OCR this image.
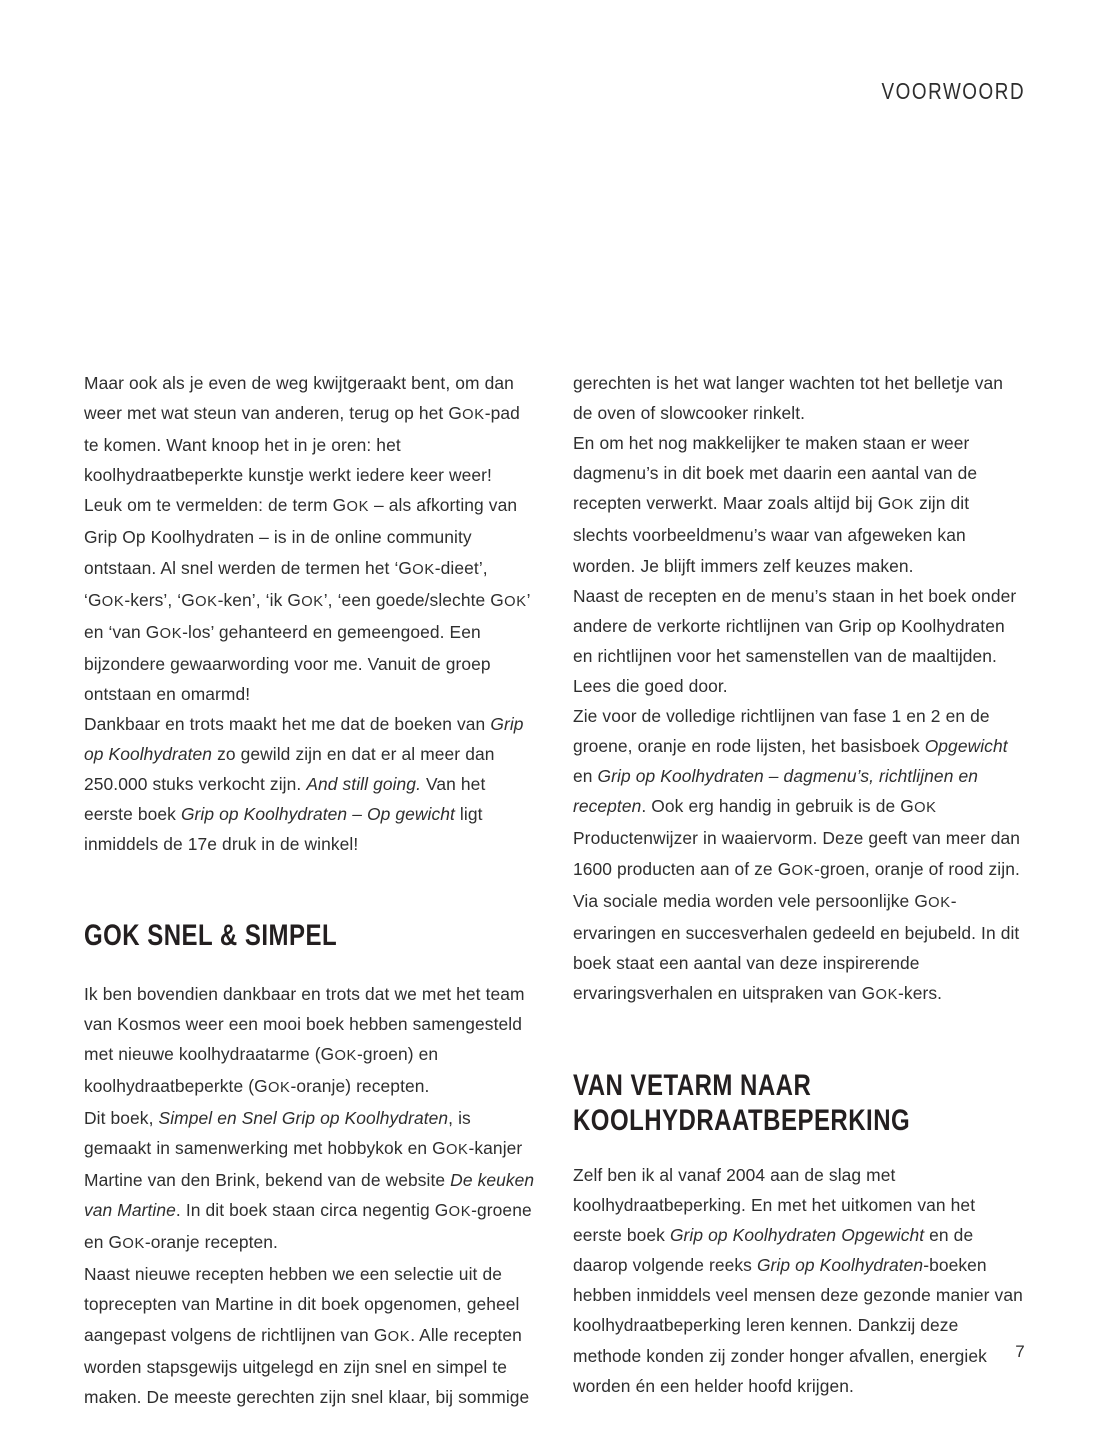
VOORWOORD

Maar ook als je even de weg kwijtgeraakt bent, om dan weer met wat steun van anderen, terug op het GOK-pad te komen. Want knoop het in je oren: het koolhydraatbeperkte kunstje werkt iedere keer weer!

Leuk om te vermelden: de term GOK – als afkorting van Grip Op Koolhydraten – is in de online community ontstaan. Al snel werden de termen het ‘GOK-dieet’, ‘GOK-kers’, ‘GOK-ken’, ‘ik GOK’, ‘een goede/slechte GOK’ en ‘van GOK-los’ gehanteerd en gemeengoed. Een bijzondere gewaarwording voor me. Vanuit de groep ontstaan en omarmd!

Dankbaar en trots maakt het me dat de boeken van Grip op Koolhydraten zo gewild zijn en dat er al meer dan 250.000 stuks verkocht zijn. And still going. Van het eerste boek Grip op Koolhydraten – Op gewicht ligt inmiddels de 17e druk in de winkel!

GOK SNEL & SIMPEL

Ik ben bovendien dankbaar en trots dat we met het team van Kosmos weer een mooi boek hebben samengesteld met nieuwe koolhydraatarme (GOK-groen) en koolhydraatbeperkte (GOK-oranje) recepten.

Dit boek, Simpel en Snel Grip op Koolhydraten, is gemaakt in samenwerking met hobbykok en GOK-kanjer Martine van den Brink, bekend van de website De keuken van Martine. In dit boek staan circa negentig GOK-groene en GOK-oranje recepten.

Naast nieuwe recepten hebben we een selectie uit de toprecepten van Martine in dit boek opgenomen, geheel aangepast volgens de richtlijnen van GOK. Alle recepten worden stapsgewijs uitgelegd en zijn snel en simpel te maken. De meeste gerechten zijn snel klaar, bij sommige

gerechten is het wat langer wachten tot het belletje van de oven of slowcooker rinkelt.

En om het nog makkelijker te maken staan er weer dagmenu’s in dit boek met daarin een aantal van de recepten verwerkt. Maar zoals altijd bij GOK zijn dit slechts voorbeeldmenu’s waar van afgeweken kan worden. Je blijft immers zelf keuzes maken.

Naast de recepten en de menu’s staan in het boek onder andere de verkorte richtlijnen van Grip op Koolhydraten en richtlijnen voor het samenstellen van de maaltijden. Lees die goed door.

Zie voor de volledige richtlijnen van fase 1 en 2 en de groene, oranje en rode lijsten, het basisboek Opgewicht en Grip op Koolhydraten – dagmenu’s, richtlijnen en recepten. Ook erg handig in gebruik is de GOK Productenwijzer in waaiervorm. Deze geeft van meer dan 1600 producten aan of ze GOK-groen, oranje of rood zijn.

Via sociale media worden vele persoonlijke GOK-ervaringen en succesverhalen gedeeld en bejubeld. In dit boek staat een aantal van deze inspirerende ervaringsverhalen en uitspraken van GOK-kers.

VAN VETARM NAAR
KOOLHYDRAATBEPERKING

Zelf ben ik al vanaf 2004 aan de slag met koolhydraatbeperking. En met het uitkomen van het eerste boek Grip op Koolhydraten Opgewicht en de daarop volgende reeks Grip op Koolhydraten-boeken hebben inmiddels veel mensen deze gezonde manier van koolhydraatbeperking leren kennen. Dankzij deze methode konden zij zonder honger afvallen, energiek worden én een helder hoofd krijgen.

7
